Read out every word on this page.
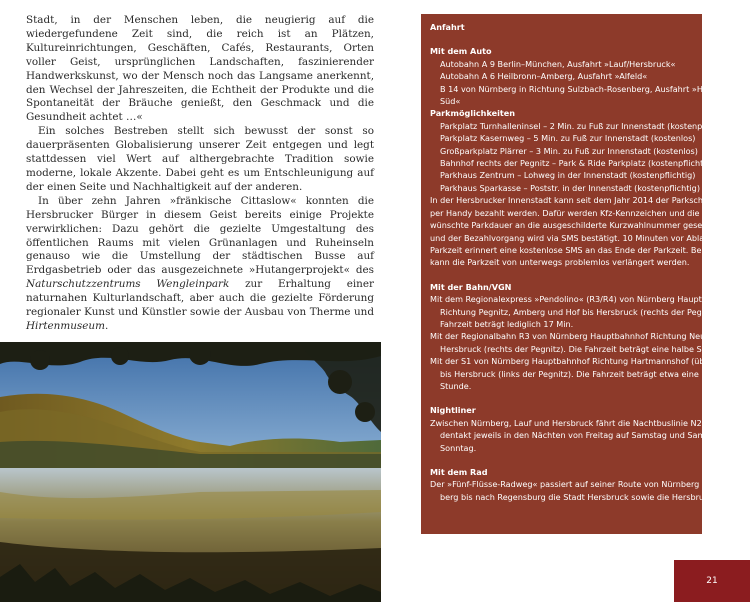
Stadt, in der Menschen leben, die neugierig auf die wiedergefundene Zeit sind, die reich ist an Plätzen, Kultureinrichtungen, Geschäften, Cafés, Restaurants, Orten voller Geist, ursprünglichen Landschaften, faszinierender Handwerkskunst, wo der Mensch noch das Langsame anerkennt, den Wechsel der Jahreszeiten, die Echtheit der Produkte und die Spontaneität der Bräuche genießt, den Geschmack und die Gesundheit achtet …«

Ein solches Bestreben stellt sich bewusst der sonst so dauerpräsenten Globalisierung unserer Zeit entgegen und legt stattdessen viel Wert auf althergebrachte Tradition sowie moderne, lokale Akzente. Dabei geht es um Entschleunigung auf der einen Seite und Nachhaltigkeit auf der anderen.

In über zehn Jahren »fränkische Cittaslow« konnten die Hersbrucker Bürger in diesem Geist bereits einige Projekte verwirklichen: Dazu gehört die gezielte Umgestaltung des öffentlichen Raums mit vielen Grünanlagen und Ruheinseln genauso wie die Umstellung der städtischen Busse auf Erdgasbetrieb oder das ausgezeichnete »Hutangerprojekt« des Naturschutzzentrums Wengleinpark zur Erhaltung einer naturnahen Kulturlandschaft, aber auch die gezielte Förderung regionaler Kunst und Künstler sowie der Ausbau von Therme und Hirtenmuseum.

Anfahrt
Mit dem Auto
Autobahn A 9 Berlin–München, Ausfahrt »Lauf/Hersbruck«
Autobahn A 6 Heilbronn–Amberg, Ausfahrt »Alfeld«
B 14 von Nürnberg in Richtung Sulzbach-Rosenberg, Ausfahrt »Hersbruck
Süd«
Parkmöglichkeiten
Parkplatz Turnhalleninsel – 2 Min. zu Fuß zur Innenstadt (kostenpflichtig)
Parkplatz Kasernweg – 5 Min. zu Fuß zur Innenstadt (kostenlos)
Großparkplatz Plärrer – 3 Min. zu Fuß zur Innenstadt (kostenlos)
Bahnhof rechts der Pegnitz – Park & Ride Parkplatz (kostenpflichtig)
Parkhaus Zentrum – Lohweg in der Innenstadt (kostenpflichtig)
Parkhaus Sparkasse – Poststr. in der Innenstadt (kostenpflichtig)
In der Hersbrucker Innenstadt kann seit dem Jahr 2014 der Parkschein auch
per Handy bezahlt werden. Dafür werden Kfz-Kennzeichen und die ge-
wünschte Parkdauer an die ausgeschilderte Kurzwahlnummer gesendet
und der Bezahlvorgang wird via SMS bestätigt. 10 Minuten vor Ablauf der
Parkzeit erinnert eine kostenlose SMS an das Ende der Parkzeit. Bei Bedarf
kann die Parkzeit von unterwegs problemlos verlängert werden.
Mit der Bahn/VGN
Mit dem Regionalexpress »Pendolino« (R3/R4) von Nürnberg Hauptbahnhof
Richtung Pegnitz, Amberg und Hof bis Hersbruck (rechts der Pegnitz). Die
Fahrzeit beträgt lediglich 17 Min.
Mit der Regionalbahn R3 von Nürnberg Hauptbahnhof Richtung Neuhaus bis
Hersbruck (rechts der Pegnitz). Die Fahrzeit beträgt eine halbe Stunde.
Mit der S1 von Nürnberg Hauptbahnhof Richtung Hartmannshof (über Lauf)
bis Hersbruck (links der Pegnitz). Die Fahrzeit beträgt etwa eine halbe
Stunde.
Nightliner
Zwischen Nürnberg, Lauf und Hersbruck fährt die Nachtbuslinie N2 im Stun-
dentakt jeweils in den Nächten von Freitag auf Samstag und Samstag auf
Sonntag.
Mit dem Rad
Der »Fünf-Flüsse-Radweg« passiert auf seiner Route von Nürnberg über Am-
berg bis nach Regensburg die Stadt Hersbruck sowie die Hersbrucker Alb.
21
